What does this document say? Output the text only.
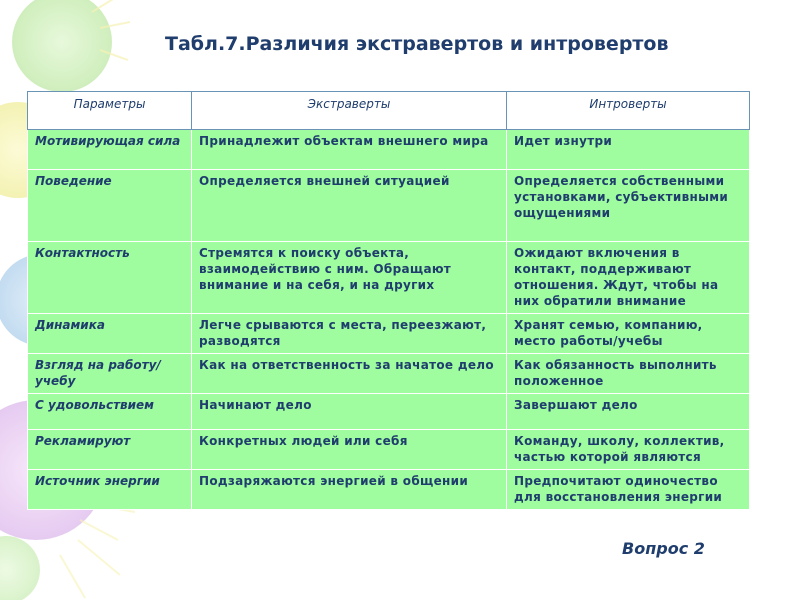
Табл.7.Различия экстравертов и интровертов
Параметры	Экстраверты	Интроверты
Мотивирующая сила	Принадлежит объектам внешнего мира	Идет изнутри
Поведение	Определяется внешней ситуацией	Определяется собственными установками, субъективными ощущениями
Контактность	Стремятся к поиску объекта, взаимодействию с ним. Обращают внимание и на себя, и на других	Ожидают включения в контакт, поддерживают отношения. Ждут, чтобы на них обратили внимание
Динамика	Легче срываются с места, переезжают, разводятся	Хранят семью, компанию, место работы/учебы
Взгляд на работу/учебу	Как на ответственность за начатое дело	Как обязанность выполнить положенное
С удовольствием	Начинают дело	Завершают дело
Рекламируют	Конкретных людей или себя	Команду, школу, коллектив, частью которой являются
Источник энергии	Подзаряжаются энергией в общении	Предпочитают одиночество для восстановления энергии
Вопрос 2
